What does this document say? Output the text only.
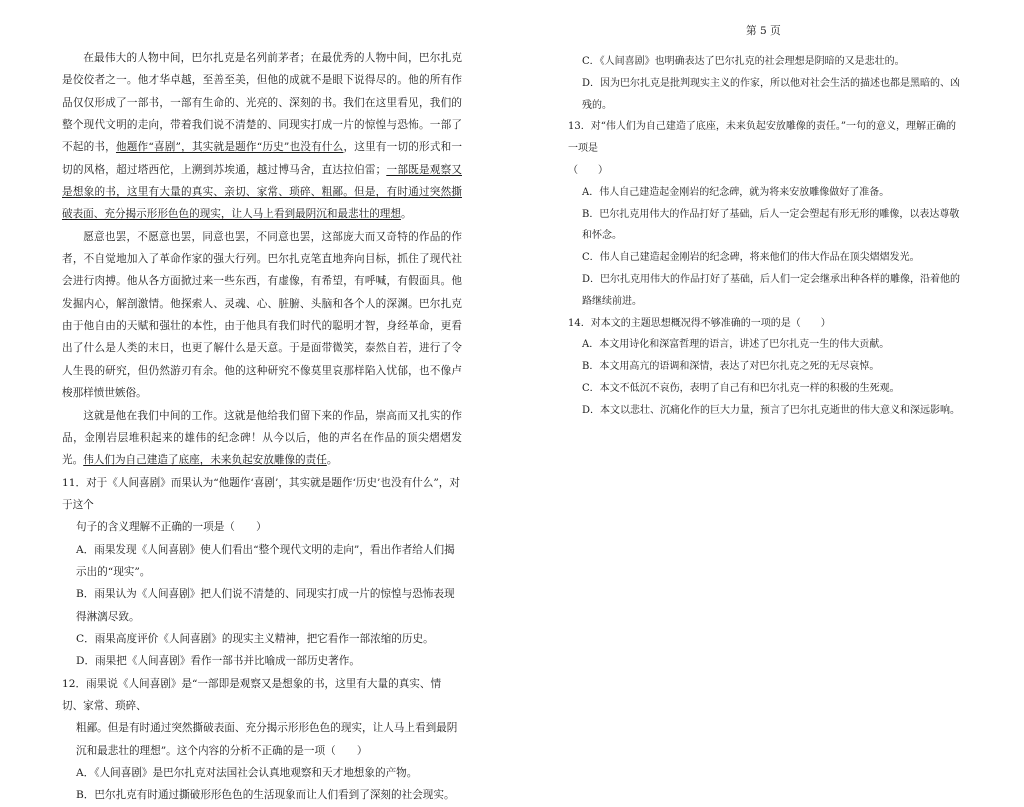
在最伟大的人物中间，巴尔扎克是名列前茅者；在最优秀的人物中间，巴尔扎克是佼佼者之一。他才华卓越，至善至美，但他的成就不是眼下说得尽的。他的所有作品仅仅形成了一部书，一部有生命的、光亮的、深刻的书。我们在这里看见，我们的整个现代文明的走向，带着我们说不清楚的、同现实打成一片的惊惶与恐怖。一部了不起的书，他题作“喜剧”，其实就是题作“历史”也没有什么，这里有一切的形式和一切的风格，超过塔西佗，上溯到苏埃通，越过博马舍，直达拉伯雷；一部既是观察又是想象的书，这里有大量的真实、亲切、家常、琐碎、粗鄙。但是，有时通过突然撕破表面、充分揭示形形色色的现实，让人马上看到最阴沉和最悲壮的理想。

愿意也罢，不愿意也罢，同意也罢，不同意也罢，这部庞大而又奇特的作品的作者，不自觉地加入了革命作家的强大行列。巴尔扎克笔直地奔向目标，抓住了现代社会进行肉搏。他从各方面掀过来一些东西，有虚像，有希望，有呼喊，有假面具。他发掘内心，解剖激情。他探索人、灵魂、心、脏腑、头脑和各个人的深渊。巴尔扎克由于他自由的天赋和强壮的本性，由于他具有我们时代的聪明才智，身经革命，更看出了什么是人类的末日，也更了解什么是天意。于是面带微笑，泰然自若，进行了令人生畏的研究，但仍然游刃有余。他的这种研究不像莫里哀那样陷入忧郁，也不像卢梭那样愤世嫉俗。

这就是他在我们中间的工作。这就是他给我们留下来的作品，崇高而又扎实的作品，金刚岩层堆积起来的雄伟的纪念碑！从今以后，他的声名在作品的顶尖熠熠发光。伟人们为自己建造了底座，未来负起安放雕像的责任。

11．对于《人间喜剧》而果认为“他题作‘喜剧’，其实就是题作‘历史’也没有什么”，对于这个

句子的含义理解不正确的一项是（　　）

A．雨果发现《人间喜剧》使人们看出“整个现代文明的走向”，看出作者给人们揭示出的“现实”。

B．雨果认为《人间喜剧》把人们说不清楚的、同现实打成一片的惊惶与恐怖表现得淋漓尽致。

C．雨果高度评价《人间喜剧》的现实主义精神，把它看作一部浓缩的历史。

D．雨果把《人间喜剧》看作一部书并比喻成一部历史著作。

12．雨果说《人间喜剧》是“一部即是观察又是想象的书，这里有大量的真实、情切、家常、琐碎、

粗鄙。但是有时通过突然撕破表面、充分揭示形形色色的现实，让人马上看到最阴沉和最悲壮的理想”。这个内容的分析不正确的是一项（　　）

A．《人间喜剧》是巴尔扎克对法国社会认真地观察和天才地想象的产物。

B．巴尔扎克有时通过撕破形形色色的生活现象而让人们看到了深刻的社会现实。

第 5 页

C．《人间喜剧》也明确表达了巴尔扎克的社会理想是阴暗的又是悲壮的。

D．因为巴尔扎克是批判现实主义的作家，所以他对社会生活的描述也都是黑暗的、凶残的。

13．对“伟人们为自己建造了底座，未来负起安放雕像的责任。”一句的意义，理解正确的一项是

（　　）

A．伟人自己建造起金刚岩的纪念碑，就为将来安放雕像做好了准备。

B．巴尔扎克用伟大的作品打好了基础，后人一定会塑起有形无形的雕像，以表达尊敬和怀念。

C．伟人自己建造起金刚岩的纪念碑，将来他们的伟大作品在顶尖熠熠发光。

D．巴尔扎克用伟大的作品打好了基础，后人们一定会继承出种各样的雕像，沿着他的路继续前进。

14．对本文的主题思想概况得不够准确的一项的是（　　）

A．本文用诗化和深富哲理的语言，讲述了巴尔扎克一生的伟大贡献。

B．本文用高亢的语调和深情，表达了对巴尔扎克之死的无尽哀悼。

C．本文不低沉不哀伤，表明了自己有和巴尔扎克一样的积极的生死观。

D．本文以悲壮、沉痛化作的巨大力量，预言了巴尔扎克逝世的伟大意义和深远影响。
